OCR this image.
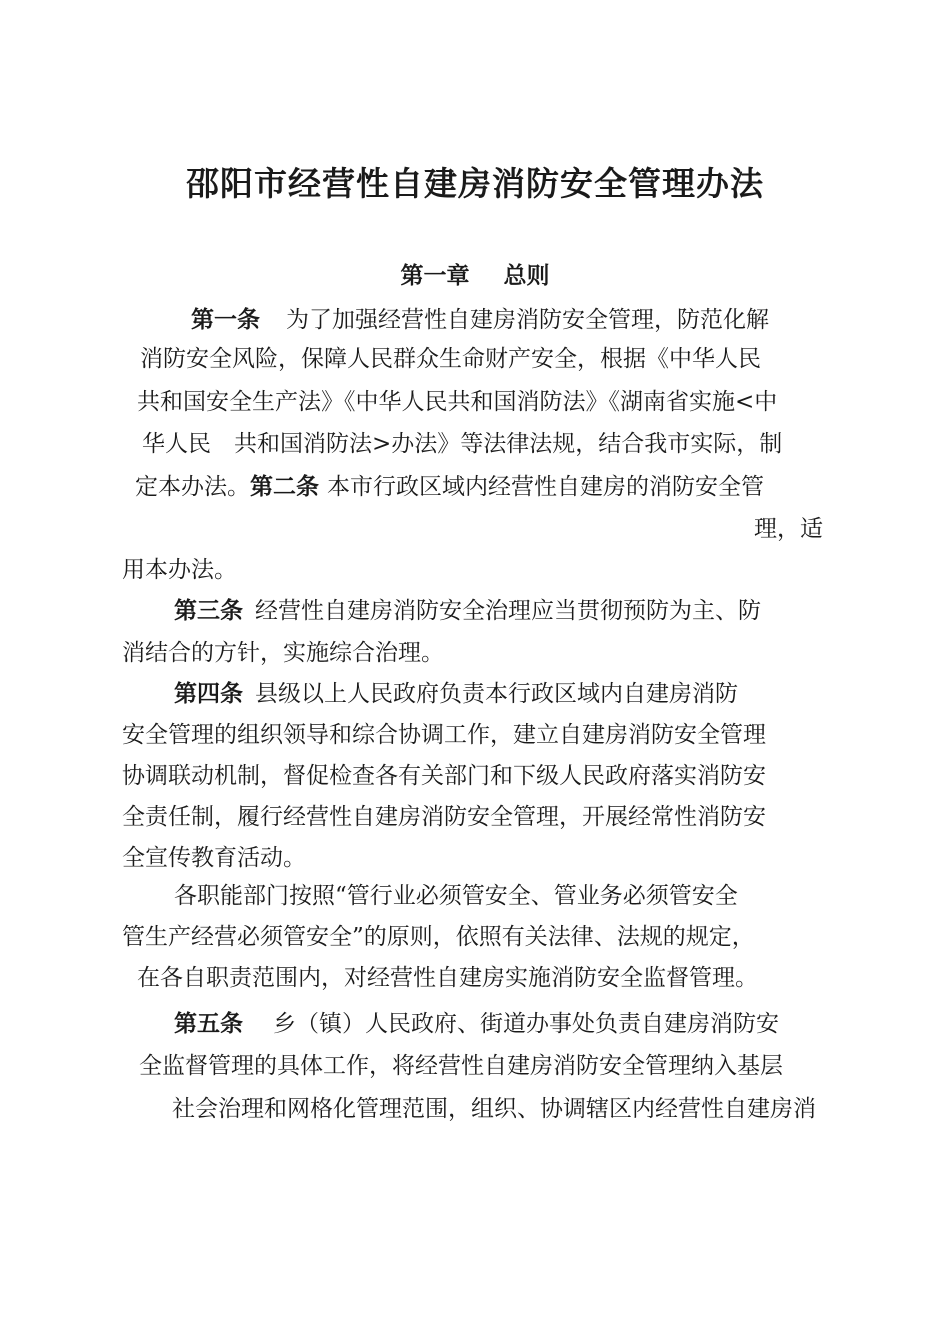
邵阳市经营性自建房消防安全管理办法
第一章 总则
第一条 为了加强经营性自建房消防安全管理，防范化解
消防安全风险，保障人民群众生命财产安全，根据《中华人民
共和国安全生产法》《中华人民共和国消防法》《湖南省实施<中
华人民　共和国消防法>办法》等法律法规，结合我市实际，制
定本办法。第二条 本市行政区域内经营性自建房的消防安全管
理，适
用本办法。
第三条 经营性自建房消防安全治理应当贯彻预防为主、防
消结合的方针，实施综合治理。
第四条 县级以上人民政府负责本行政区域内自建房消防
安全管理的组织领导和综合协调工作，建立自建房消防安全管理
协调联动机制，督促检查各有关部门和下级人民政府落实消防安
全责任制，履行经营性自建房消防安全管理，开展经常性消防安
全宣传教育活动。
各职能部门按照“管行业必须管安全、管业务必须管安全
管生产经营必须管安全”的原则，依照有关法律、法规的规定，
在各自职责范围内，对经营性自建房实施消防安全监督管理。
第五条 乡（镇）人民政府、街道办事处负责自建房消防安
全监督管理的具体工作，将经营性自建房消防安全管理纳入基层
社会治理和网格化管理范围，组织、协调辖区内经营性自建房消
